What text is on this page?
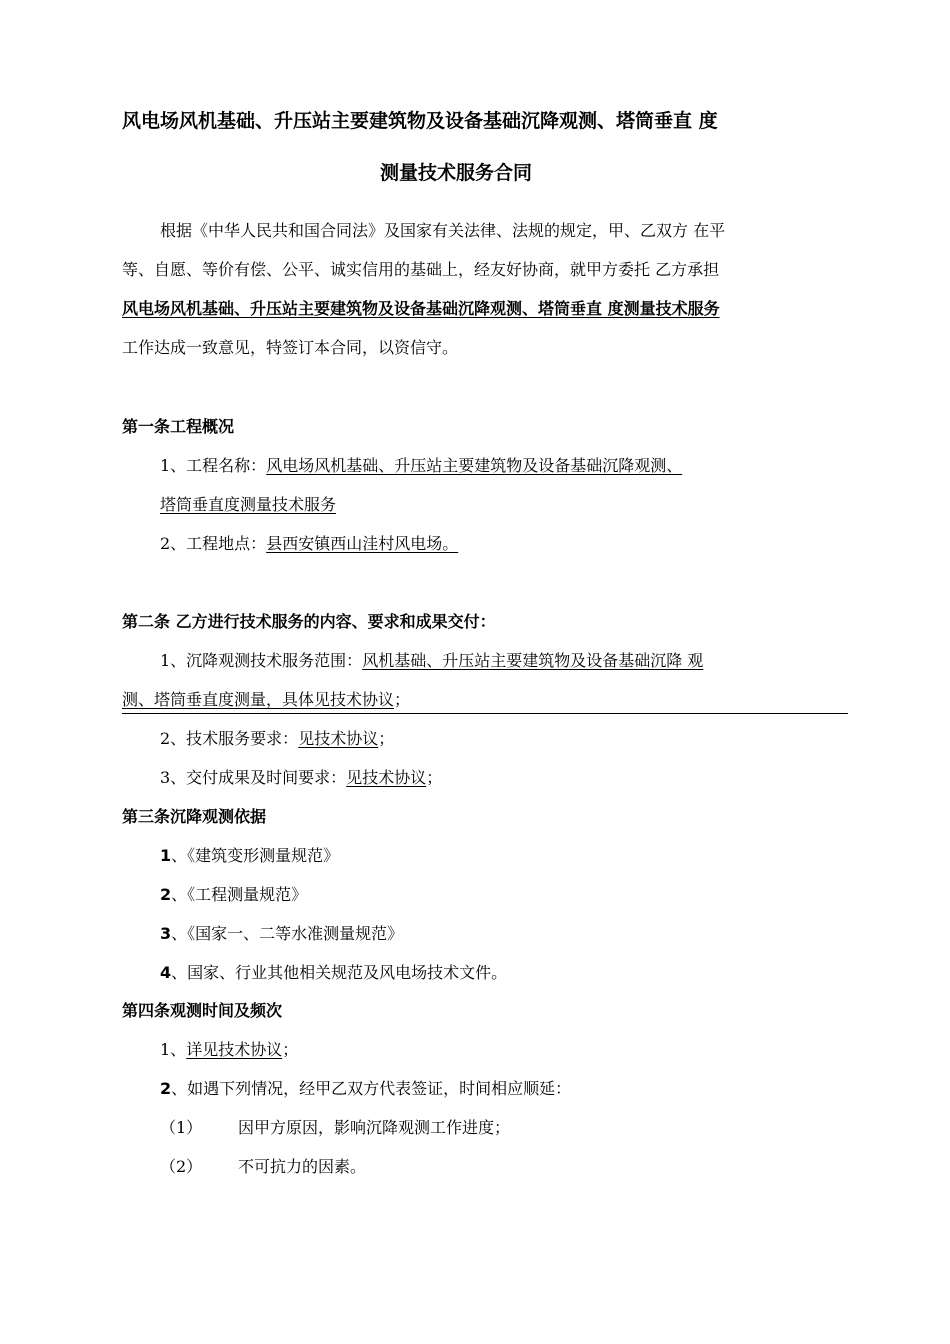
风电场风机基础、升压站主要建筑物及设备基础沉降观测、塔筒垂直 度
测量技术服务合同
根据《中华人民共和国合同法》及国家有关法律、法规的规定，甲、乙双方 在平
等、自愿、等价有偿、公平、诚实信用的基础上，经友好协商，就甲方委托 乙方承担
风电场风机基础、升压站主要建筑物及设备基础沉降观测、塔筒垂直 度测量技术服务
工作达成一致意见，特签订本合同，以资信守。
第一条工程概况
1、工程名称：风电场风机基础、升压站主要建筑物及设备基础沉降观测、
塔筒垂直度测量技术服务
2、工程地点：县西安镇西山洼村风电场。
第二条 乙方进行技术服务的内容、要求和成果交付：
1、沉降观测技术服务范围：风机基础、升压站主要建筑物及设备基础沉降 观
测、塔筒垂直度测量，具体见技术协议；
2、技术服务要求：见技术协议；
3、交付成果及时间要求：见技术协议；
第三条沉降观测依据
1、《建筑变形测量规范》
2、《工程测量规范》
3、《国家一、二等水准测量规范》
4、国家、行业其他相关规范及风电场技术文件。
第四条观测时间及频次
1、详见技术协议；
2、如遇下列情况，经甲乙双方代表签证，时间相应顺延：
（1） 因甲方原因，影响沉降观测工作进度；
（2） 不可抗力的因素。
